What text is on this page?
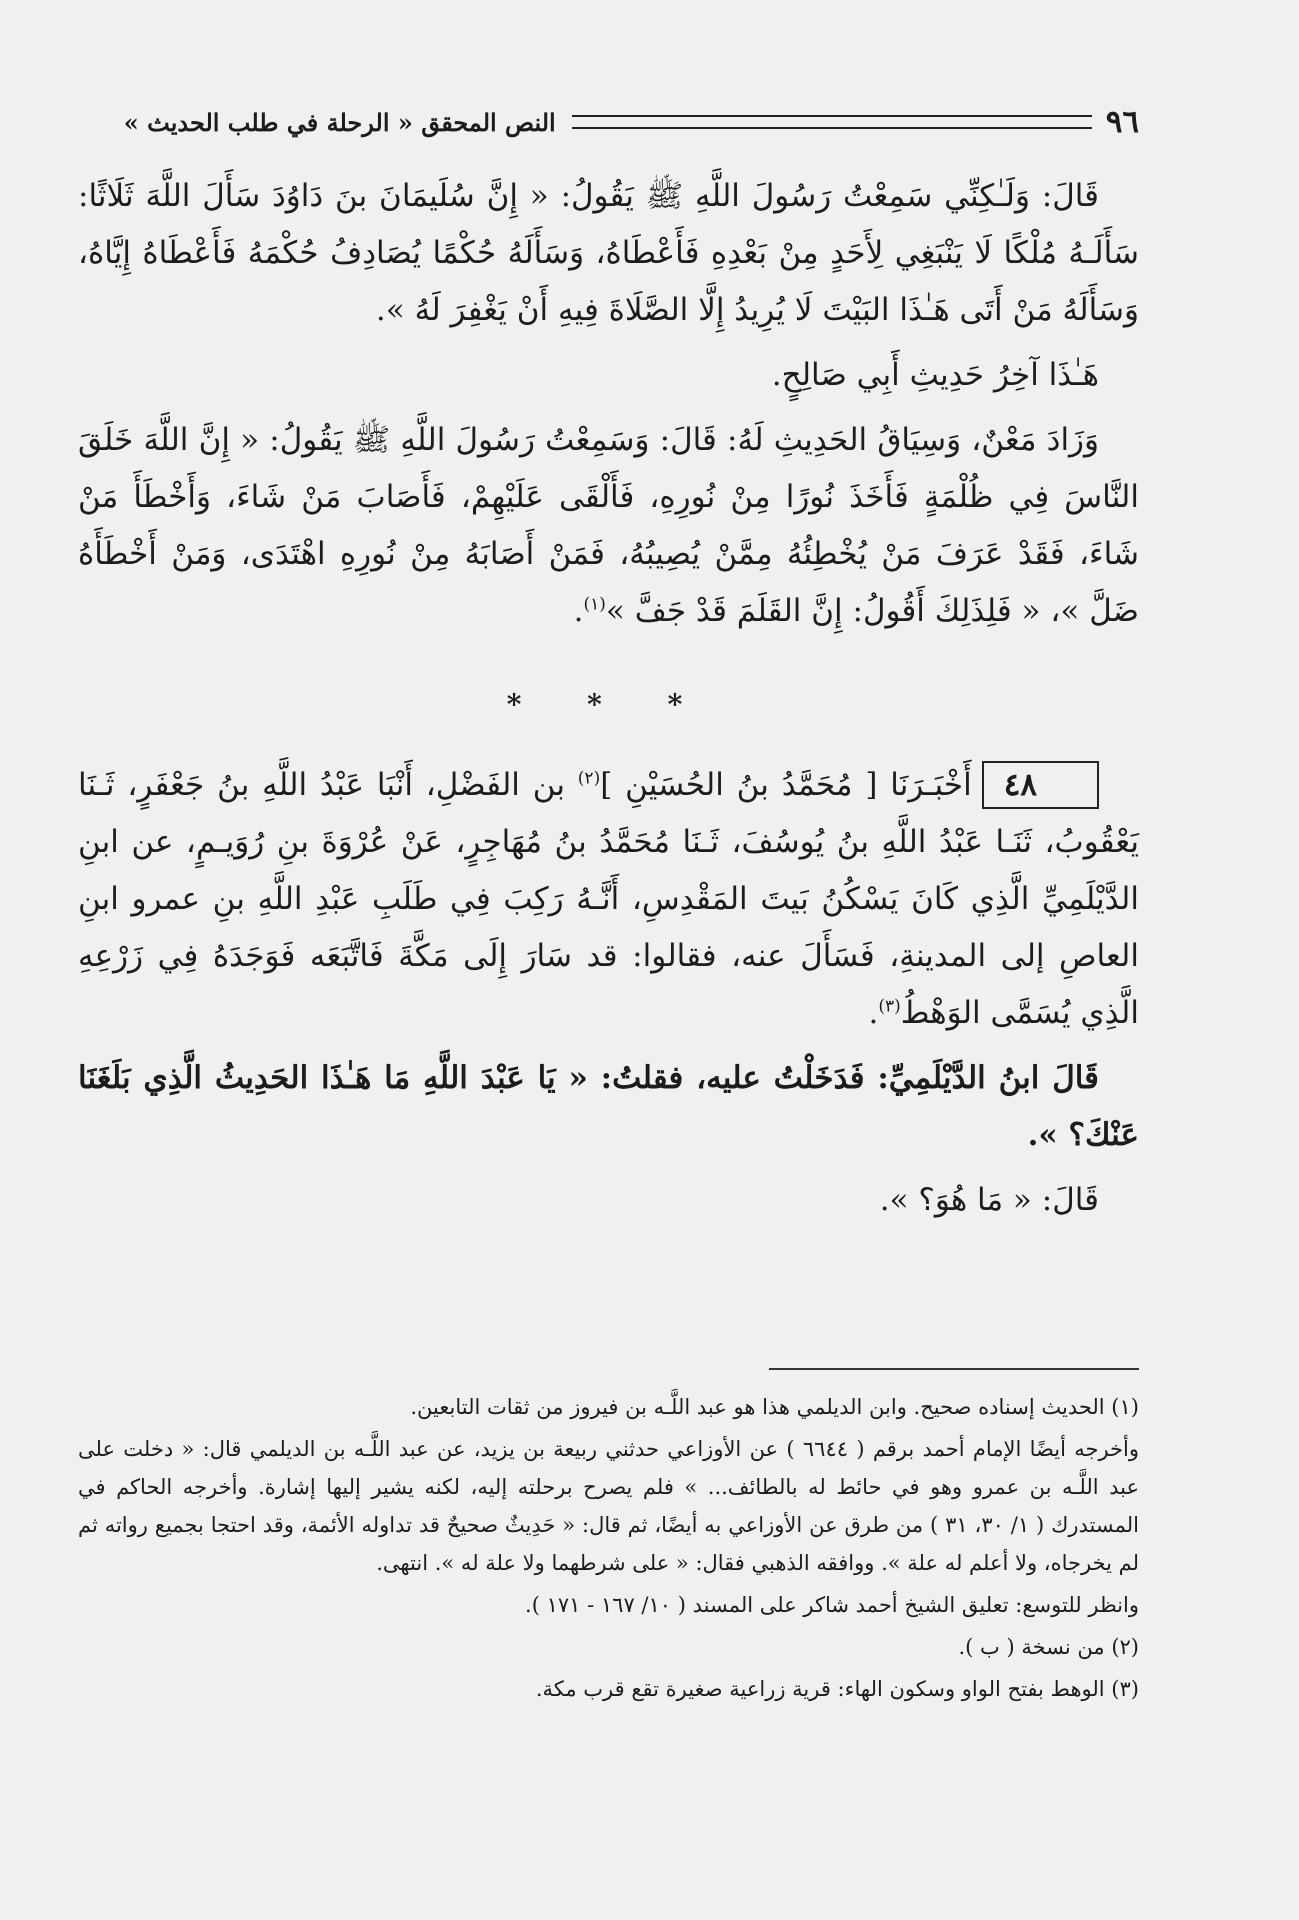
٩٦
النص المحقق « الرحلة في طلب الحديث »

قَالَ: وَلَـٰكِنِّي سَمِعْتُ رَسُولَ اللَّهِ ﷺ يَقُولُ: « إِنَّ سُلَيمَانَ بنَ دَاوُدَ سَأَلَ اللَّهَ ثَلَاثًا: سَأَلَـهُ مُلْكًا لَا يَنْبَغِي لِأَحَدٍ مِنْ بَعْدِهِ فَأَعْطَاهُ، وَسَأَلَهُ حُكْمًا يُصَادِفُ حُكْمَهُ فَأَعْطَاهُ إِيَّاهُ، وَسَأَلَهُ مَنْ أَتَى هَـٰذَا البَيْتَ لَا يُرِيدُ إِلَّا الصَّلَاةَ فِيهِ أَنْ يَغْفِرَ لَهُ ».

هَـٰذَا آخِرُ حَدِيثِ أَبِي صَالِحٍ.

وَزَادَ مَعْنٌ، وَسِيَاقُ الحَدِيثِ لَهُ: قَالَ: وَسَمِعْتُ رَسُولَ اللَّهِ ﷺ يَقُولُ: « إِنَّ اللَّهَ خَلَقَ النَّاسَ فِي ظُلْمَةٍ فَأَخَذَ نُورًا مِنْ نُورِهِ، فَأَلْقَى عَلَيْهِمْ، فَأَصَابَ مَنْ شَاءَ، وَأَخْطَأَ مَنْ شَاءَ، فَقَدْ عَرَفَ مَنْ يُخْطِئُهُ مِمَّنْ يُصِيبُهُ، فَمَنْ أَصَابَهُ مِنْ نُورِهِ اهْتَدَى، وَمَنْ أَخْطَأَهُ ضَلَّ »، « فَلِذَلِكَ أَقُولُ: إِنَّ القَلَمَ قَدْ جَفَّ »$^{(١)}$.

* * *

٤٨أَخْبَـرَنَا [ مُحَمَّدُ بنُ الحُسَيْنِ ]$^{(٢)}$ بن الفَضْلِ، أَنْبَا عَبْدُ اللَّهِ بنُ جَعْفَرٍ، ثَـنَا يَعْقُوبُ، ثَنَـا عَبْدُ اللَّهِ بنُ يُوسُفَ، ثَـنَا مُحَمَّدُ بنُ مُهَاجِرٍ، عَنْ عُرْوَةَ بنِ رُوَيـمٍ، عن ابنِ الدَّيْلَمِيِّ الَّذِي كَانَ يَسْكُنُ بَيتَ المَقْدِسِ، أَنَّـهُ رَكِبَ فِي طَلَبِ عَبْدِ اللَّهِ بنِ عمرو ابنِ العاصِ إلى المدينةِ، فَسَأَلَ عنه، فقالوا: قد سَارَ إِلَى مَكَّةَ فَاتَّبَعَه فَوَجَدَهُ فِي زَرْعِهِ الَّذِي يُسَمَّى الوَهْطُ$^{(٣)}$.

قَالَ ابنُ الدَّيْلَمِيِّ: فَدَخَلْتُ عليه، فقلتُ: « يَا عَبْدَ اللَّهِ مَا هَـٰذَا الحَدِيثُ الَّذِي بَلَغَنَا عَنْكَ؟ ».

قَالَ: « مَا هُوَ؟ ».

(١) الحديث إسناده صحيح. وابن الديلمي هذا هو عبد اللَّـه بن فيروز من ثقات التابعين.

وأخرجه أيضًا الإمام أحمد برقم ( ٦٦٤٤ ) عن الأوزاعي حدثني ربيعة بن يزيد، عن عبد اللَّـه بن الديلمي قال: « دخلت على عبد اللَّـه بن عمرو وهو في حائط له بالطائف... » فلم يصرح برحلته إليه، لكنه يشير إليها إشارة. وأخرجه الحاكم في المستدرك ( ١/ ٣٠، ٣١ ) من طرق عن الأوزاعي به أيضًا، ثم قال: « حَدِيثٌ صحيحٌ قد تداوله الأئمة، وقد احتجا بجميع رواته ثم لم يخرجاه، ولا أعلم له علة ». ووافقه الذهبي فقال: « على شرطهما ولا علة له ». انتهى.

وانظر للتوسع: تعليق الشيخ أحمد شاكر على المسند ( ١٠/ ١٦٧ - ١٧١ ).

(٢) من نسخة ( ب ).

(٣) الوهط بفتح الواو وسكون الهاء: قرية زراعية صغيرة تقع قرب مكة.
